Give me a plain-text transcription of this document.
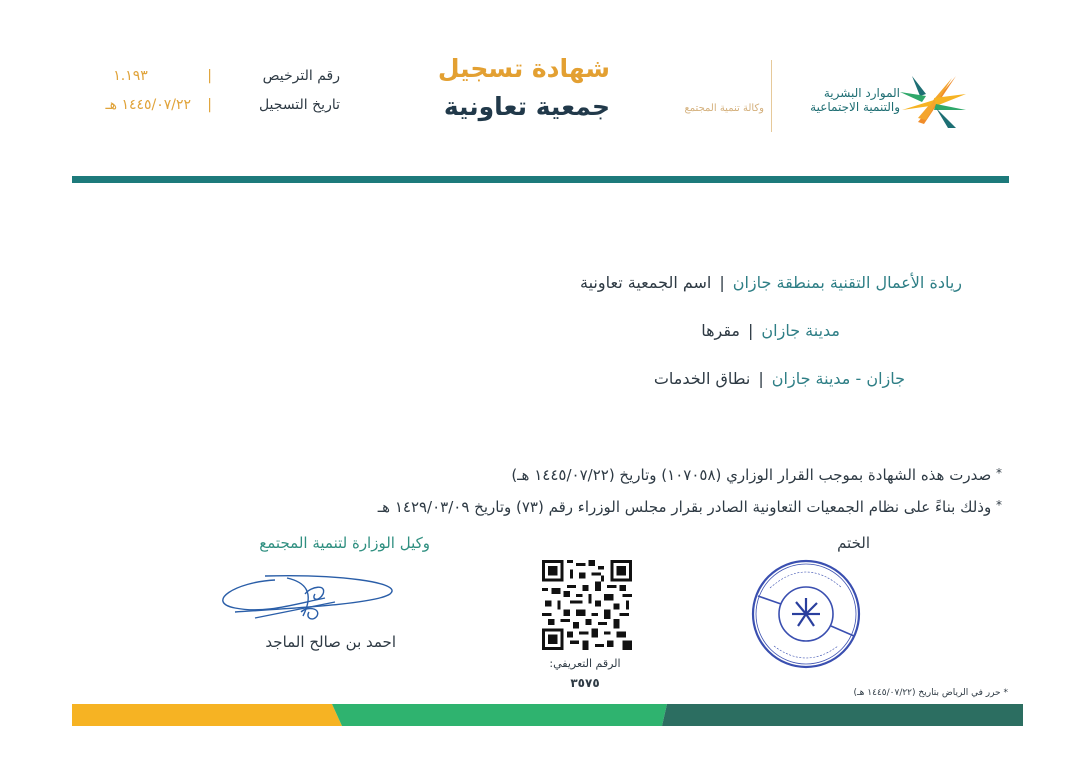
رقم الترخيص
|
١.١٩٣
تاريخ التسجيل
|
١٤٤٥/٠٧/٢٢ هـ
شهادة تسجيل
جمعية تعاونية	وكالة تنمية المجتمع
الموارد البشرية
والتنمية الاجتماعية
اسم الجمعية تعاونية | ريادة الأعمال التقنية بمنطقة جازان
مقرها | مدينة جازان
نطاق الخدمات | جازان - مدينة جازان
* صدرت هذه الشهادة بموجب القرار الوزاري (١٠٧٠٥٨) وتاريخ (١٤٤٥/٠٧/٢٢ هـ)
* وذلك بناءً على نظام الجمعيات التعاونية الصادر بقرار مجلس الوزراء رقم (٧٣) وتاريخ ١٤٢٩/٠٣/٠٩ هـ
وكيل الوزارة لتنمية المجتمع
احمد بن صالح الماجد
الرقم التعريفي:
٣٥٧٥
الختم
* حرر في الرياض بتاريخ (١٤٤٥/٠٧/٢٢ هـ)
